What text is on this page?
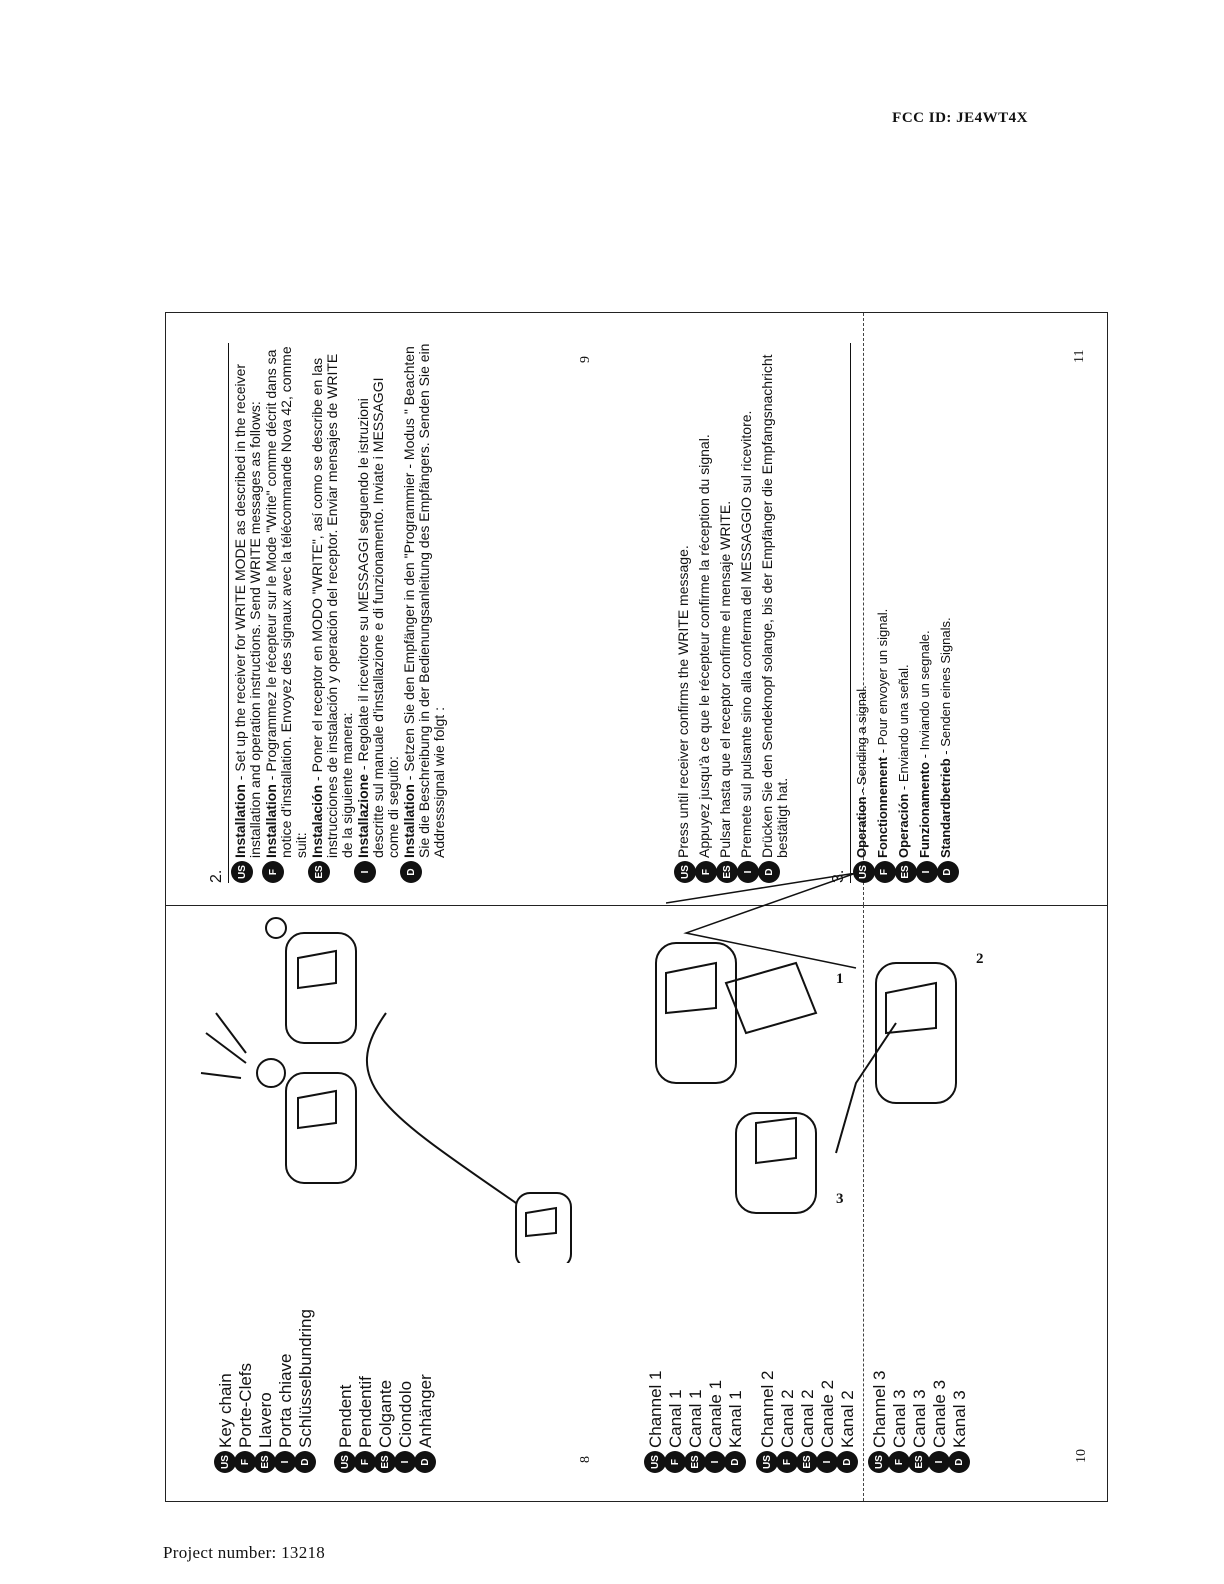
FCC ID: JE4WT4X
US
Key chain
F
Porte-Clefs
ES
Llavero
I
Porta chiave
D
Schlüsselbundring
US
Pendent
F
Pendentif
ES
Colgante
I
Ciondolo
D
Anhänger
8
2.	US
Installation - Set up the receiver for WRITE MODE as described in the receiver installation and operation instructions. Send WRITE messages as follows:
F
Installation - Programmez le récepteur sur le Mode "Write" comme décrit dans sa notice d'installation. Envoyez des signaux avec la télécommande Nova 42, comme suit:
ES
Instalación - Poner el receptor en MODO "WRITE", así como se describe en las instrucciones de instalación y operación del receptor. Enviar mensajes de WRITE de la siguiente manera:
I
Installazione - Regolate il ricevitore su MESSAGGI seguendo le istruzioni descritte sul manuale d'installazione e di funzionamento. Inviate i MESSAGGI come di seguito:
D
Installation - Setzen Sie den Empfänger in den "Programmier - Modus " Beachten Sie die Beschreibung in der Bedienungsanleitung des Empfängers. Senden Sie ein Addresssignal wie folgt :
9
US
Channel 1
F
Canal 1
ES
Canal 1
I
Canale 1
D
Kanal 1
US
Channel 2
F
Canal 2
ES
Canal 2
I
Canale 2
D
Kanal 2
US
Channel 3
F
Canal 3
ES
Canal 3
I
Canale 3
D
Kanal 3
10
1
2
3
US
Press until receiver confirms the WRITE message.
F
Appuyez jusqu'à ce que le récepteur confirme la réception du signal.
ES
Pulsar hasta que el receptor confirme el mensaje WRITE.
I
Premete sul pulsante sino alla conferma del MESSAGGIO sul ricevitore.
D
Drücken Sie den Sendeknopf solange, bis der Empfänger die Empfangsnachricht bestätigt hat.
3.	US
Operation - Sending a signal.
F
Fonctionnement - Pour envoyer un signal.
ES
Operación - Enviando una señal.
I
Funzionamento - Inviando un segnale.
D
Standardbetrieb - Senden eines Signals.
11
Project number: 13218
